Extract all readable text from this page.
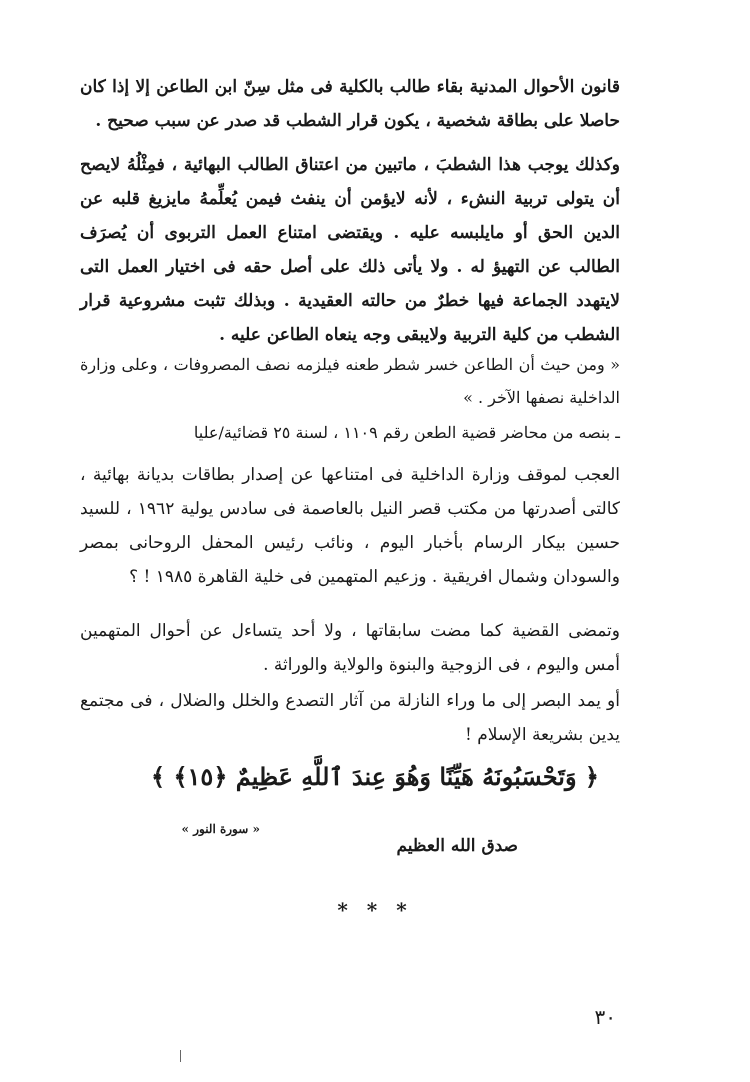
قانون الأحوال المدنية بقاء طالب بالكلية فى مثل سِنّ ابن الطاعن إلا إذا كان حاصلا على بطاقة شخصية ، يكون قرار الشطب قد صدر عن سبب صحيح .

وكذلك يوجب هذا الشطبَ ، ماتبين من اعتناق الطالب البهائية ، فمِثْلُهُ لايصح أن يتولى تربية النشء ، لأنه لايؤمن أن ينفث فيمن يُعلِّمهُ مايزيغ قلبه عن الدين الحق أو مايلبسه عليه . ويقتضى امتناع العمل التربوى أن يُصرَف الطالب عن التهيؤ له . ولا يأتى ذلك على أصل حقه فى اختيار العمل التى لايتهدد الجماعة فيها خطرٌ من حالته العقيدية . وبذلك تثبت مشروعية قرار الشطب من كلية التربية ولايبقى وجه ينعاه الطاعن عليه .

« ومن حيث أن الطاعن خسر شطر طعنه فيلزمه نصف المصروفات ، وعلى وزارة الداخلية نصفها الآخر . »

ـ بنصه من محاضر قضية الطعن رقم ١١٠٩ ، لسنة ٢٥ قضائية/عليا

العجب لموقف وزارة الداخلية فى امتناعها عن إصدار بطاقات بديانة بهائية ، كالتى أصدرتها من مكتب قصر النيل بالعاصمة فى سادس يولية ١٩٦٢ ، للسيد حسين بيكار الرسام بأخبار اليوم ، ونائب رئيس المحفل الروحانى بمصر والسودان وشمال افريقية . وزعيم المتهمين فى خلية القاهرة ١٩٨٥ ! ؟

وتمضى القضية كما مضت سابقاتها ، ولا أحد يتساءل عن أحوال المتهمين أمس واليوم ، فى الزوجية والبنوة والولاية والوراثة .

أو يمد البصر إلى ما وراء النازلة من آثار التصدع والخلل والضلال ، فى مجتمع يدين بشريعة الإسلام !

﴿ وَتَحْسَبُونَهُ هَيِّنًا وَهُوَ عِندَ ٱللَّهِ عَظِيمٌ ﴿١٥﴾ ﴾
« سورة النور »
صدق الله العظيم
* * *
٣٠
